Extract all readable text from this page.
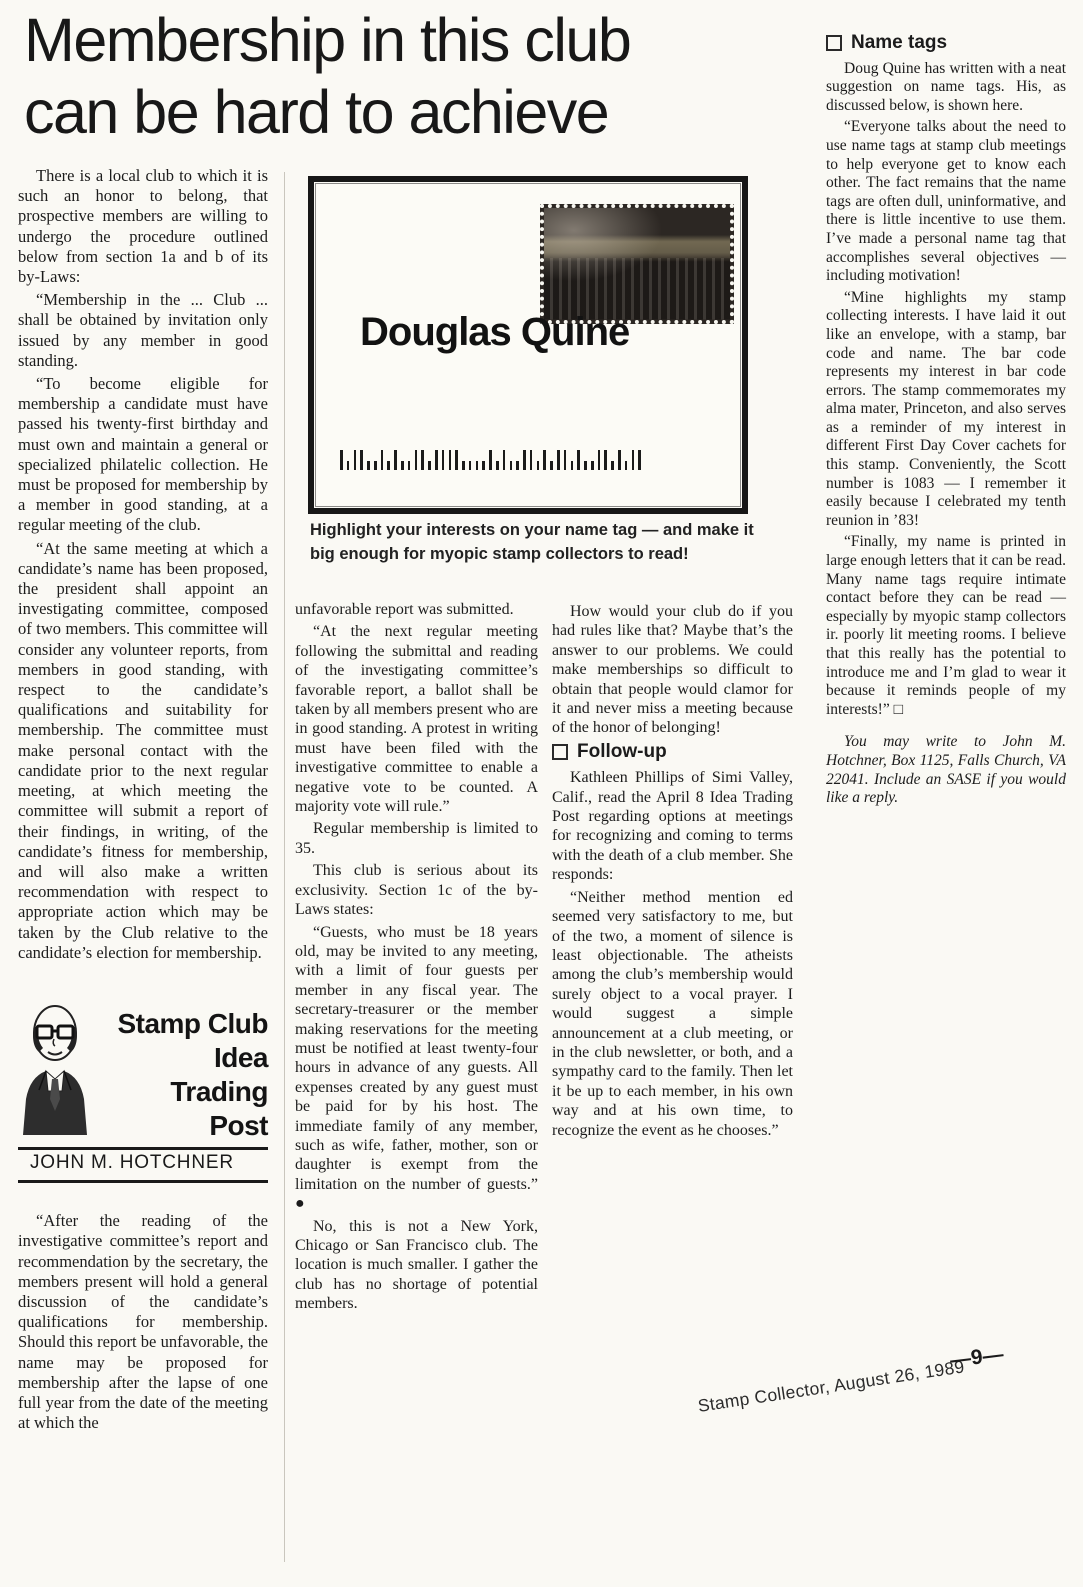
Membership in this club
can be hard to achieve
Douglas Quine
Highlight your interests on your name tag — and make it big enough for myopic stamp collectors to read!

There is a local club to which it is such an honor to belong, that prospective members are willing to undergo the procedure outlined below from section 1a and b of its by-Laws:

“Membership in the ... Club ... shall be obtained by invitation only issued by any member in good standing.

“To become eligible for membership a candidate must have passed his twenty-first birthday and must own and maintain a general or specialized philatelic collection. He must be proposed for membership by a member in good standing, at a regular meeting of the club.

“At the same meeting at which a candidate’s name has been proposed, the president shall appoint an investigating committee, composed of two members. This committee will consider any volunteer reports, from members in good standing, with respect to the candidate’s qualifications and suitability for membership. The committee must make personal contact with the candidate prior to the next regular meeting, at which meeting the committee will submit a report of their findings, in writing, of the candidate’s fitness for membership, and will also make a written recommendation with respect to appropriate action which may be taken by the Club relative to the candidate’s election for membership.

Stamp Club

Idea

Trading

Post

JOHN M. HOTCHNER

“After the reading of the investigative committee’s report and recommendation by the secretary, the members present will hold a general discussion of the candidate’s qualifications for membership. Should this report be unfavorable, the name may be proposed for membership after the lapse of one full year from the date of the meeting at which the

unfavorable report was submitted.

“At the next regular meeting following the submittal and reading of the investigating committee’s favorable report, a ballot shall be taken by all members present who are in good standing. A protest in writing must have been filed with the investigative committee to enable a negative vote to be counted. A majority vote will rule.”

Regular membership is limited to 35.

This club is serious about its exclusivity. Section 1c of the by-Laws states:

“Guests, who must be 18 years old, may be invited to any meeting, with a limit of four guests per member in any fiscal year. The secretary-treasurer or the member making reservations for the meeting must be notified at least twenty-four hours in advance of any guests. All expenses created by any guest must be paid for by his host. The immediate family of any member, such as wife, father, mother, son or daughter is exempt from the limitation on the number of guests.” ●

No, this is not a New York, Chicago or San Francisco club. The location is much smaller. I gather the club has no shortage of potential members.

How would your club do if you had rules like that? Maybe that’s the answer to our problems. We could make memberships so difficult to obtain that people would clamor for it and never miss a meeting because of the honor of belonging!

Follow-up

Kathleen Phillips of Simi Valley, Calif., read the April 8 Idea Trading Post regarding options at meetings for recognizing and coming to terms with the death of a club member. She responds:

“Neither method mention ed seemed very satisfactory to me, but of the two, a moment of silence is least objectionable. The atheists among the club’s membership would surely object to a vocal prayer. I would suggest a simple announcement at a club meeting, or in the club newsletter, or both, and a sympathy card to the family. Then let it be up to each member, in his own way and at his own time, to recognize the event as he chooses.”

Name tags

Doug Quine has written with a neat suggestion on name tags. His, as discussed below, is shown here.

“Everyone talks about the need to use name tags at stamp club meetings to help everyone get to know each other. The fact remains that the name tags are often dull, uninformative, and there is little incentive to use them. I’ve made a personal name tag that accomplishes several objectives — including motivation!

“Mine highlights my stamp collecting interests. I have laid it out like an envelope, with a stamp, bar code and name. The bar code represents my interest in bar code errors. The stamp commemorates my alma mater, Princeton, and also serves as a reminder of my interest in different First Day Cover cachets for this stamp. Conveniently, the Scott number is 1083 — I remember it easily because I celebrated my tenth reunion in ’83!

“Finally, my name is printed in large enough letters that it can be read. Many name tags require intimate contact before they can be read — especially by myopic stamp collectors ir. poorly lit meeting rooms. I believe that this really has the potential to introduce me and I’m glad to wear it because it reminds people of my interests!” □

You may write to John M. Hotchner, Box 1125, Falls Church, VA 22041. Include an SASE if you would like a reply.

Stamp Collector, August 26, 1989
—9—
